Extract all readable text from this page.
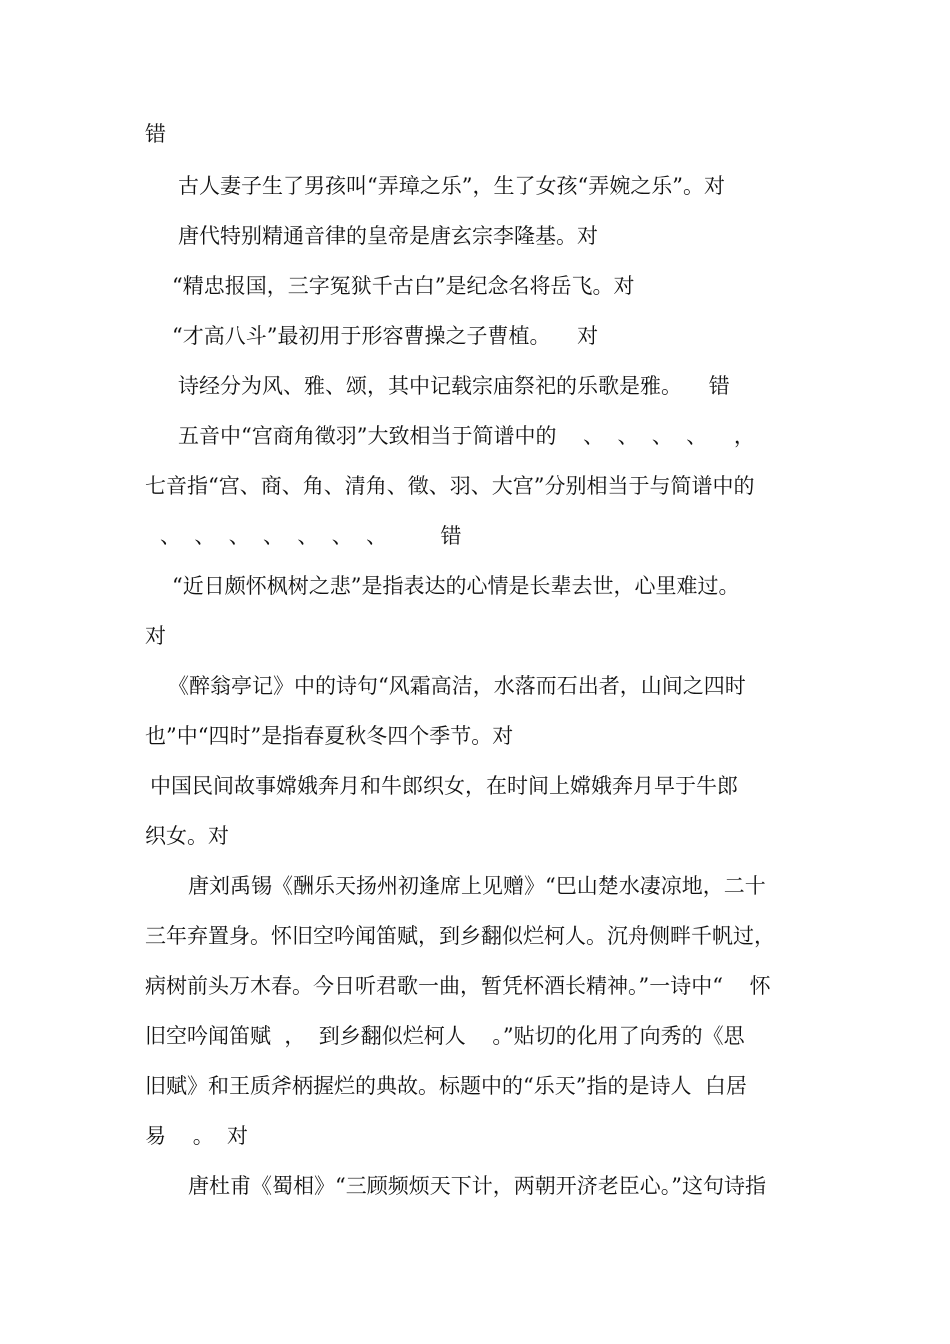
错
古人妻子生了男孩叫“弄璋之乐”，生了女孩“弄婉之乐”。对
唐代特别精通音律的皇帝是唐玄宗李隆基。对
“精忠报国，三字冤狱千古白”是纪念名将岳飞。对
“才高八斗”最初用于形容曹操之子曹植。    对
诗经分为风、雅、颂，其中记载宗庙祭祀的乐歌是雅。    错
五音中“宫商角徵羽”大致相当于简谱中的    、  、  、  、    ，
七音指“宫、商、角、清角、徵、羽、大宫”分别相当于与简谱中的
、  、  、  、  、  、  、        错
“近日颇怀枫树之悲”是指表达的心情是长辈去世，心里难过。
对
《醉翁亭记》中的诗句“风霜高洁，水落而石出者，山间之四时
也”中“四时”是指春夏秋冬四个季节。对
中国民间故事嫦娥奔月和牛郎织女，在时间上嫦娥奔月早于牛郎
织女。对
唐刘禹锡《酬乐天扬州初逢席上见赠》“巴山楚水凄凉地，二十
三年弃置身。怀旧空吟闻笛赋，到乡翻似烂柯人。沉舟侧畔千帆过，
病树前头万木春。今日听君歌一曲，暂凭杯酒长精神。”一诗中“    怀
旧空吟闻笛赋  ，  到乡翻似烂柯人    。”贴切的化用了向秀的《思
旧赋》和王质斧柄握烂的典故。标题中的“乐天”指的是诗人  白居
易    。  对
唐杜甫《蜀相》“三顾频烦天下计，两朝开济老臣心。”这句诗指
